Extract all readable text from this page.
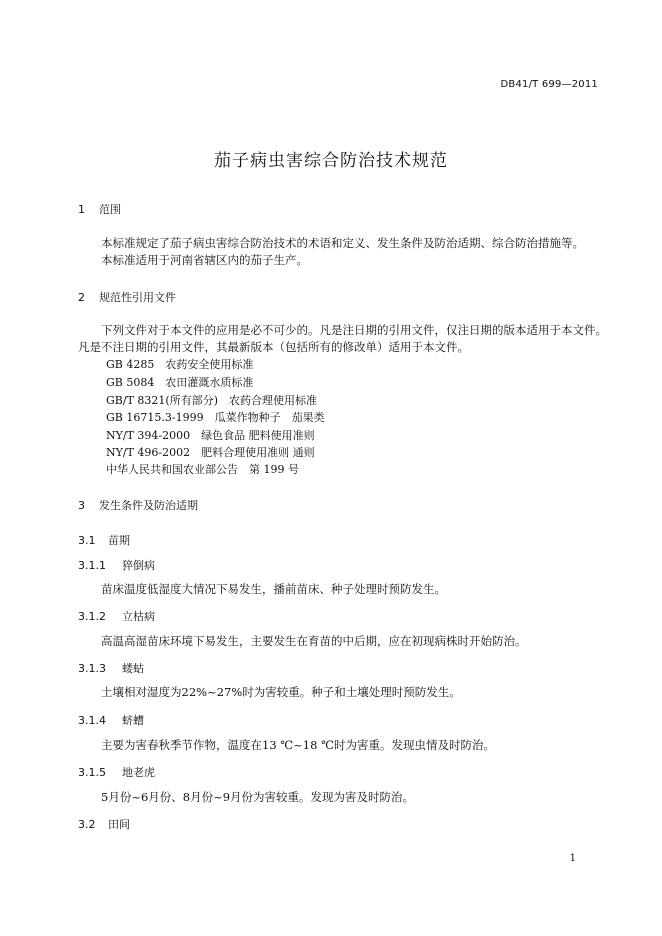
DB41/T 699—2011
茄子病虫害综合防治技术规范
1 范围
本标准规定了茄子病虫害综合防治技术的术语和定义、发生条件及防治适期、综合防治措施等。
本标准适用于河南省辖区内的茄子生产。
2 规范性引用文件
下列文件对于本文件的应用是必不可少的。凡是注日期的引用文件，仅注日期的版本适用于本文件。
凡是不注日期的引用文件，其最新版本（包括所有的修改单）适用于本文件。
GB 4285　农药安全使用标准
GB 5084　农田灌溉水质标准
GB/T 8321(所有部分)　农药合理使用标准
GB 16715.3-1999　瓜菜作物种子　茄果类
NY/T 394-2000　绿色食品 肥料使用准则
NY/T 496-2002　肥料合理使用准则 通则
中华人民共和国农业部公告　第 199 号
3 发生条件及防治适期
3.1 苗期
3.1.1 猝倒病
苗床温度低湿度大情况下易发生，播前苗床、种子处理时预防发生。
3.1.2 立枯病
高温高湿苗床环境下易发生，主要发生在育苗的中后期，应在初现病株时开始防治。
3.1.3 蝼蛄
土壤相对湿度为22%~27%时为害较重。种子和土壤处理时预防发生。
3.1.4 蛴螬
主要为害春秋季节作物，温度在13 ℃~18 ℃时为害重。发现虫情及时防治。
3.1.5 地老虎
5月份~6月份、8月份~9月份为害较重。发现为害及时防治。
3.2 田间
1
